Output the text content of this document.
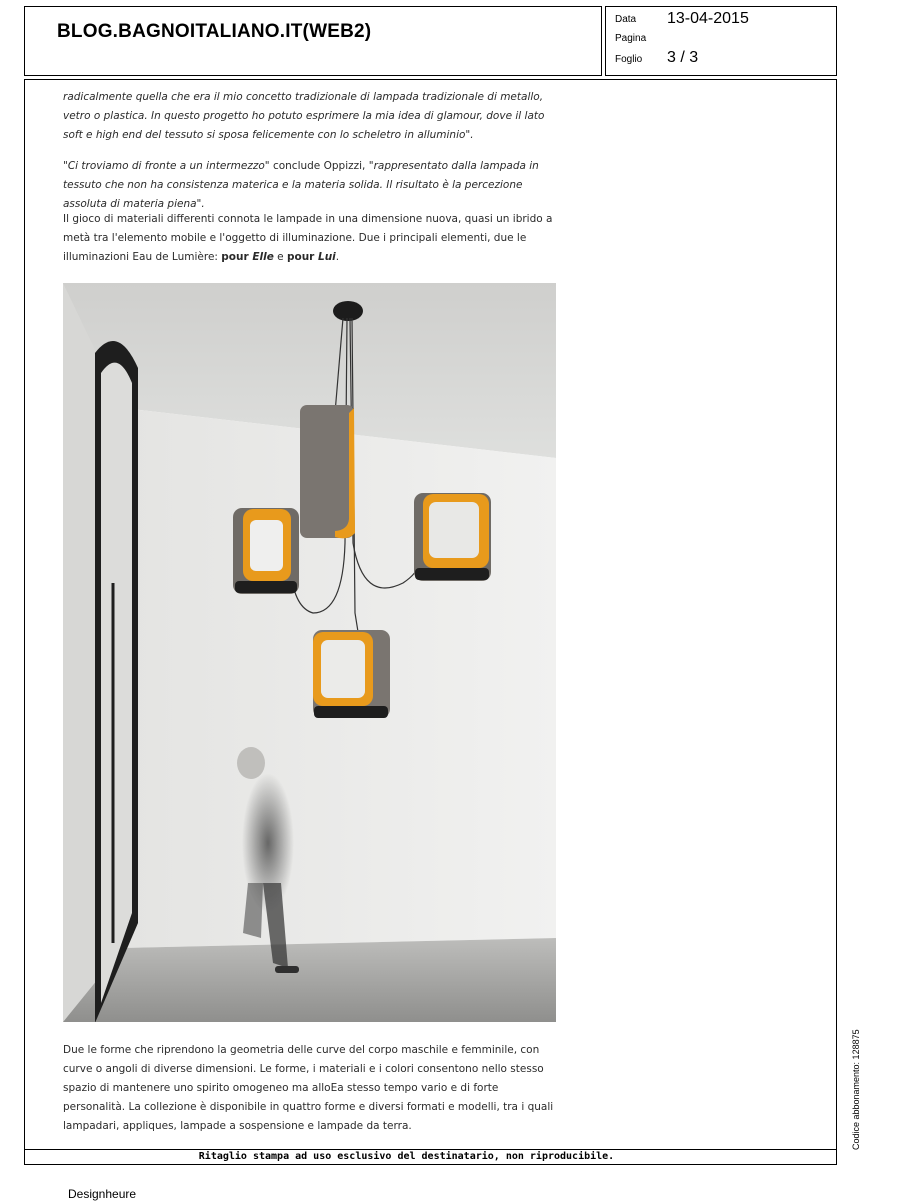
BLOG.BAGNOITALIANO.IT(WEB2)
Data 13-04-2015
Pagina
Foglio 3 / 3

radicalmente quella che era il mio concetto tradizionale di lampada tradizionale di metallo, vetro o plastica. In questo progetto ho potuto esprimere la mia idea di glamour, dove il lato soft e high end del tessuto si sposa felicemente con lo scheletro in alluminio".

"Ci troviamo di fronte a un intermezzo" conclude Oppizzi, "rappresentato dalla lampada in tessuto che non ha consistenza materica e la materia solida. Il risultato è la percezione assoluta di materia piena".

Il gioco di materiali differenti connota le lampade in una dimensione nuova, quasi un ibrido a metà tra l'elemento mobile e l'oggetto di illuminazione. Due i principali elementi, due le illuminazioni Eau de Lumière: pour Elle e pour Lui.

Due le forme che riprendono la geometria delle curve del corpo maschile e femminile, con curve o angoli di diverse dimensioni. Le forme, i materiali e i colori consentono nello stesso spazio di mantenere uno spirito omogeneo ma alloEa stesso tempo vario e di forte personalità. La collezione è disponibile in quattro forme e diversi formati e modelli, tra i quali lampadari, appliques, lampade a sospensione e lampade da terra.

Ritaglio stampa ad uso esclusivo del destinatario, non riproducibile.
Codice abbonamento: 128875
Designheure
